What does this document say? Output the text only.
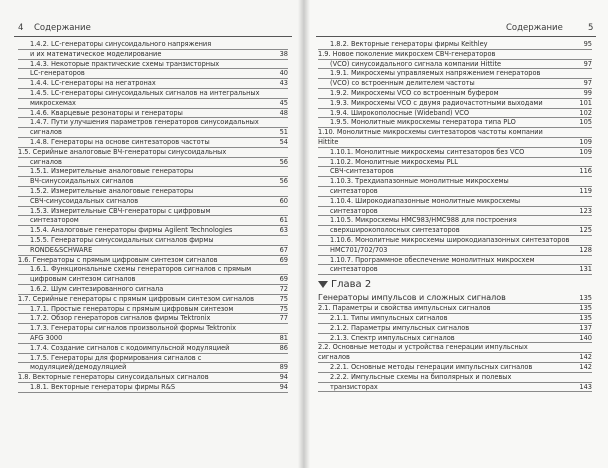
4 Содержание
1.4.2. LC-генераторы синусоидального напряжения
и их математическое моделирование	38
1.4.3. Некоторые практические схемы транзисторных
LC-генераторов	40
1.4.4. LC-генераторы на негатронах	43
1.4.5. LC-генераторы синусоидальных сигналов на интегральных
микросхемах	45
1.4.6. Кварцевые резонаторы и генераторы	48
1.4.7. Пути улучшения параметров генераторов синусоидальных
сигналов	51
1.4.8. Генераторы на основе синтезаторов частоты	54
1.5. Серийные аналоговые ВЧ-генераторы синусоидальных
сигналов	56
1.5.1. Измерительные аналоговые генераторы
ВЧ-синусоидальных сигналов	56
1.5.2. Измерительные аналоговые генераторы
СВЧ-синусоидальных сигналов	60
1.5.3. Измерительные СВЧ-генераторы с цифровым
синтезатором	61
1.5.4. Аналоговые генераторы фирмы Agilent Technologies	63
1.5.5. Генераторы синусоидальных сигналов фирмы
RONDE&SCHWARE	67
1.6. Генераторы с прямым цифровым синтезом сигналов	69
1.6.1. Функциональные схемы генераторов сигналов с прямым
цифровым синтезом сигналов	69
1.6.2. Шум синтезированного сигнала	72
1.7. Серийные генераторы с прямым цифровым синтезом сигналов	75
1.7.1. Простые генераторы с прямым цифровым синтезом	75
1.7.2. Обзор генераторов сигналов фирмы Tektronix	77
1.7.3. Генераторы сигналов произвольной формы Tektronix
AFG 3000	81
1.7.4. Создание сигналов с кодоимпульсной модуляцией	86
1.7.5. Генераторы для формирования сигналов с
модуляцией/демодуляцией	89
1.8. Векторные генераторы синусоидальных сигналов	94
1.8.1. Векторные генераторы фирмы R&S	94
Содержание	5
1.8.2. Векторные генераторы фирмы Keithley	95
1.9. Новое поколение микросхем СВЧ-генераторов
(VCO) синусоидального сигнала компании Hittite	97
1.9.1. Микросхемы управляемых напряжением генераторов
(VCO) со встроенным делителем частоты	97
1.9.2. Микросхемы VCO со встроенным буфером	99
1.9.3. Микросхемы VCO с двумя радиочастотными выходами	101
1.9.4. Широкополосные (Wideband) VCO	102
1.9.5. Монолитные микросхемы генератора типа PLO	105
1.10. Монолитные микросхемы синтезаторов частоты компании
Hittite	109
1.10.1. Монолитные микросхемы синтезаторов без VCO	109
1.10.2. Монолитные микросхемы PLL
СВЧ-синтезаторов	116
1.10.3. Трехдиапазонные монолитные микросхемы
синтезаторов	119
1.10.4. Широкодиапазонные монолитные микросхемы
синтезаторов	123
1.10.5. Микросхемы HMC983/HMC988 для построения
сверхширокополосных синтезаторов	125
1.10.6. Монолитные микросхемы широкодиапазонных синтезаторов
HMC701/702/703	128
1.10.7. Программное обеспечение монолитных микросхем
синтезаторов	131
Глава 2
Генераторы импульсов и сложных сигналов	135
2.1. Параметры и свойства импульсных сигналов	135
2.1.1. Типы импульсных сигналов	135
2.1.2. Параметры импульсных сигналов	137
2.1.3. Спектр импульсных сигналов	140
2.2. Основные методы и устройства генерации импульсных
сигналов	142
2.2.1. Основные методы генерации импульсных сигналов	142
2.2.2. Импульсные схемы на биполярных и полевых
транзисторах	143
